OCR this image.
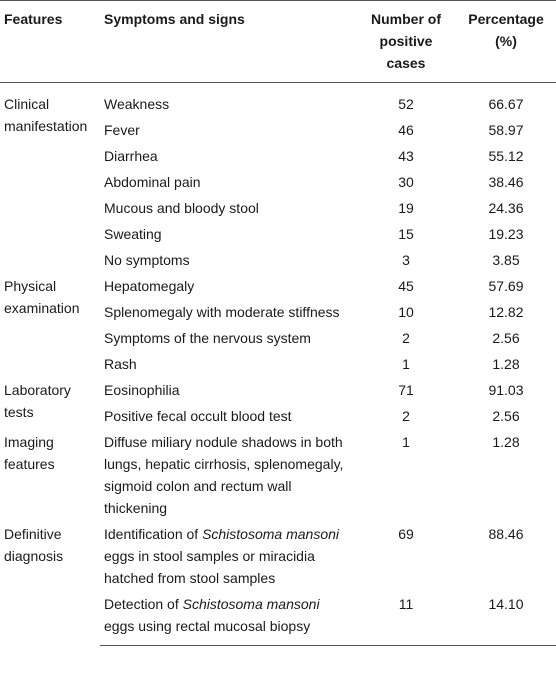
Features	Symptoms and signs	Number of positive cases	Percentage (%)
Clinical manifestation	Weakness	52	66.67
	Fever	46	58.97
	Diarrhea	43	55.12
	Abdominal pain	30	38.46
	Mucous and bloody stool	19	24.36
	Sweating	15	19.23
	No symptoms	3	3.85
Physical examination	Hepatomegaly	45	57.69
	Splenomegaly with moderate stiffness	10	12.82
	Symptoms of the nervous system	2	2.56
	Rash	1	1.28
Laboratory tests	Eosinophilia	71	91.03
	Positive fecal occult blood test	2	2.56
Imaging features	Diffuse miliary nodule shadows in both lungs, hepatic cirrhosis, splenomegaly, sigmoid colon and rectum wall thickening	1	1.28
Definitive diagnosis	Identification of Schistosoma mansoni eggs in stool samples or miracidia hatched from stool samples	69	88.46
	Detection of Schistosoma mansoni eggs using rectal mucosal biopsy	11	14.10
